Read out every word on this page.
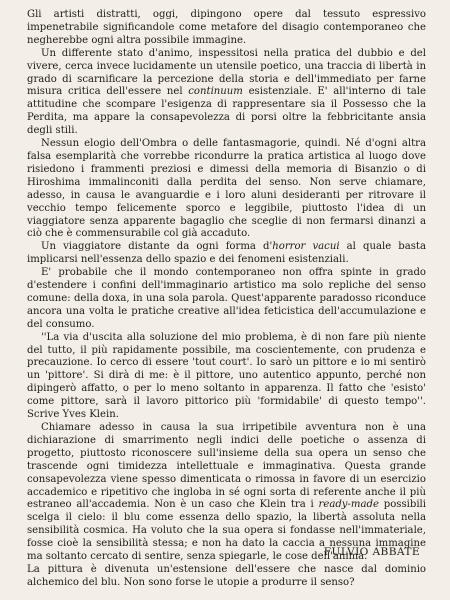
Gli artisti distratti, oggi, dipingono opere dal tessuto espressivo impenetrabile significandole come metafore del disagio contemporaneo che negherebbe ogni altra possibile immagine.

Un differente stato d'animo, inspessitosi nella pratica del dubbio e del vivere, cerca invece lucidamente un utensile poetico, una traccia di libertà in grado di scarnificare la percezione della storia e dell'immediato per farne misura critica dell'essere nel continuum esistenziale. E' all'interno di tale attitudine che scompare l'esigenza di rappresentare sia il Possesso che la Perdita, ma appare la consapevolezza di porsi oltre la febbricitante ansia degli stili.

Nessun elogio dell'Ombra o delle fantasmagorie, quindi. Né d'ogni altra falsa esemplarità che vorrebbe ricondurre la pratica artistica al luogo dove risiedono i frammenti preziosi e dimessi della memoria di Bisanzio o di Hiroshima immalinconiti dalla perdita del senso. Non serve chiamare, adesso, in causa le avanguardie e i loro aluni desideranti per ritrovare il vecchio tempo felicemente sporco e leggibile, piuttosto l'idea di un viaggiatore senza apparente bagaglio che sceglie di non fermarsi dinanzi a ciò che è commensurabile col già accaduto.

Un viaggiatore distante da ogni forma d'horror vacui al quale basta implicarsi nell'essenza dello spazio e dei fenomeni esistenziali.

E' probabile che il mondo contemporaneo non offra spinte in grado d'estendere i confini dell'immaginario artistico ma solo repliche del senso comune: della doxa, in una sola parola. Quest'apparente paradosso riconduce ancora una volta le pratiche creative all'idea feticistica dell'accumulazione e del consumo.

''La via d'uscita alla soluzione del mio problema, è di non fare più niente del tutto, il più rapidamente possibile, ma coscientemente, con prudenza e precauzione. Io cerco di essere 'tout court'. Io sarò un pittore e io mi sentirò un 'pittore'. Si dirà di me: è il pittore, uno autentico appunto, perché non dipingerò affatto, o per lo meno soltanto in apparenza. Il fatto che 'esisto' come pittore, sarà il lavoro pittorico più 'formidabile' di questo tempo''. Scrive Yves Klein.

Chiamare adesso in causa la sua irripetibile avventura non è una dichiarazione di smarrimento negli indici delle poetiche o assenza di progetto, piuttosto riconoscere sull'insieme della sua opera un senso che trascende ogni timidezza intellettuale e immaginativa. Questa grande consapevolezza viene spesso dimenticata o rimossa in favore di un esercizio accademico e ripetitivo che ingloba in sé ogni sorta di referente anche il più estraneo all'accademia. Non è un caso che Klein tra i ready-made possibili scelga il cielo: il blu come essenza dello spazio, la libertà assoluta nella sensibilità cosmica. Ha voluto che la sua opera si fondasse nell'immateriale, fosse cioè la sensibilità stessa; e non ha dato la caccia a nessuna immagine ma soltanto cercato di sentire, senza spiegarle, le cose dell'anima.

La pittura è divenuta un'estensione dell'essere che nasce dal dominio alchemico del blu. Non sono forse le utopie a produrre il senso?

FULVIO ABBATE
